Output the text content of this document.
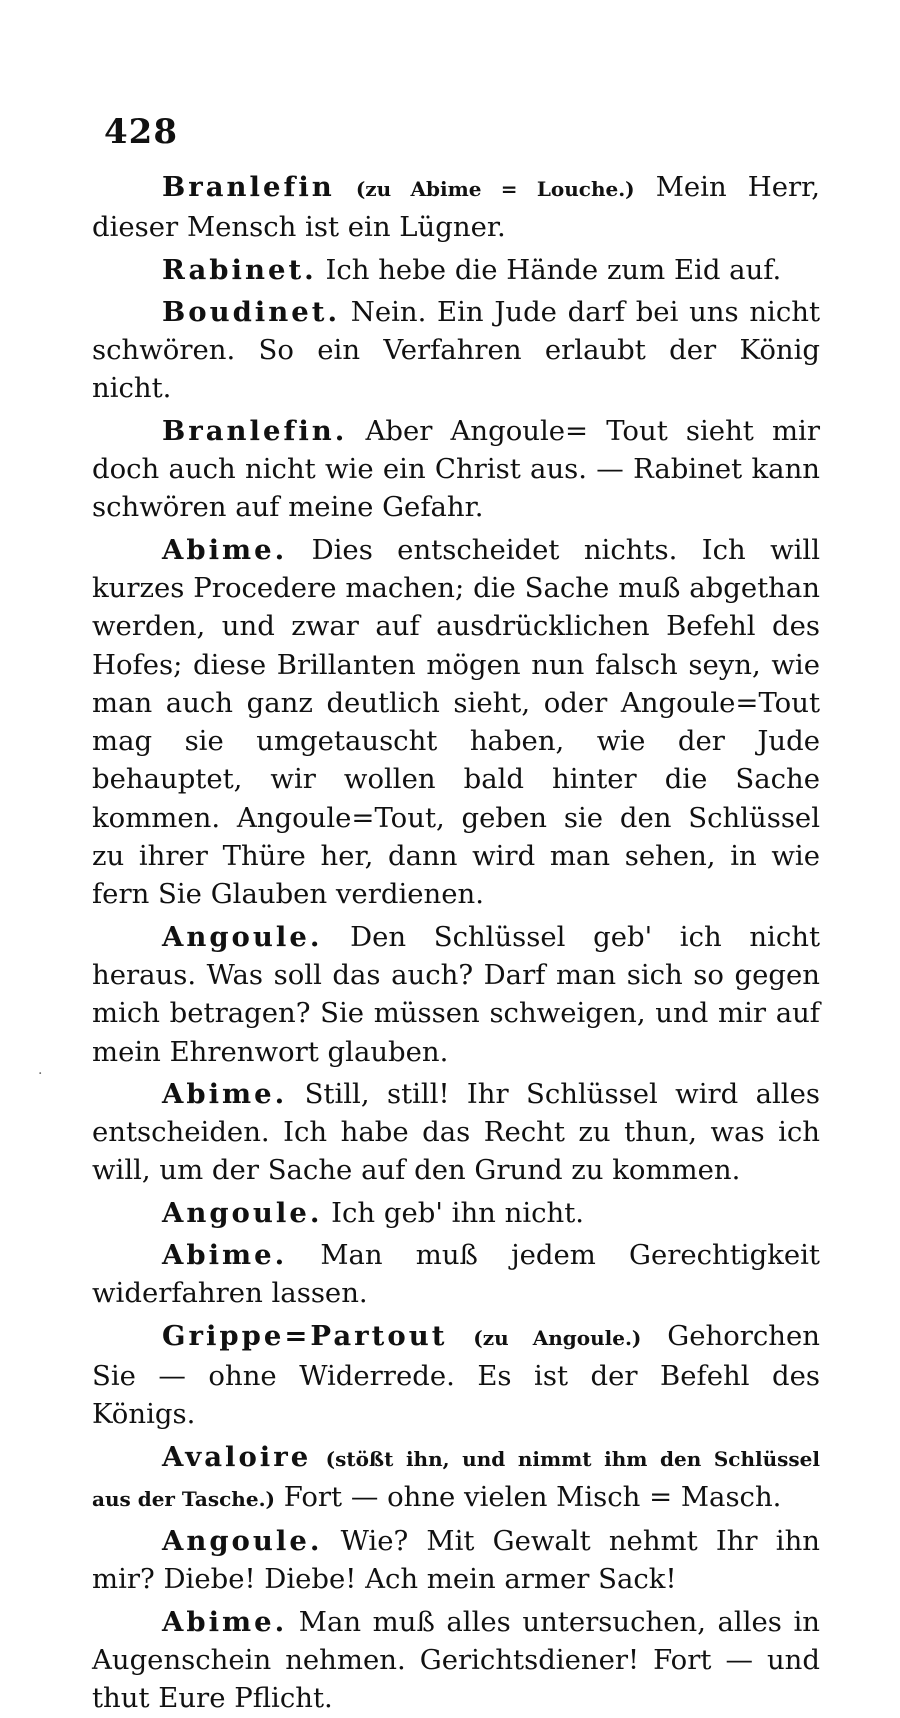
428
·

Branlefin (zu Abime = Louche.) Mein Herr, dieser Mensch ist ein Lügner.

Rabinet. Ich hebe die Hände zum Eid auf.

Boudinet. Nein. Ein Jude darf bei uns nicht schwören. So ein Verfahren erlaubt der König nicht.

Branlefin. Aber Angoule= Tout sieht mir doch auch nicht wie ein Christ aus. — Rabinet kann schwören auf meine Gefahr.

Abime. Dies entscheidet nichts. Ich will kurzes Procedere machen; die Sache muß abgethan werden, und zwar auf ausdrücklichen Befehl des Hofes; diese Brillanten mögen nun falsch seyn, wie man auch ganz deutlich sieht, oder Angoule=Tout mag sie umgetauscht haben, wie der Jude behauptet, wir wollen bald hinter die Sache kommen. Angoule=Tout, geben sie den Schlüssel zu ihrer Thüre her, dann wird man sehen, in wie fern Sie Glauben verdienen.

Angoule. Den Schlüssel geb' ich nicht heraus. Was soll das auch? Darf man sich so gegen mich betragen? Sie müssen schweigen, und mir auf mein Ehrenwort glauben.

Abime. Still, still! Ihr Schlüssel wird alles entscheiden. Ich habe das Recht zu thun, was ich will, um der Sache auf den Grund zu kommen.

Angoule. Ich geb' ihn nicht.

Abime. Man muß jedem Gerechtigkeit widerfahren lassen.

Grippe=Partout (zu Angoule.) Gehorchen Sie — ohne Widerrede. Es ist der Befehl des Königs.

Avaloire (stößt ihn, und nimmt ihm den Schlüssel aus der Tasche.) Fort — ohne vielen Misch = Masch.

Angoule. Wie? Mit Gewalt nehmt Ihr ihn mir? Diebe! Diebe! Ach mein armer Sack!

Abime. Man muß alles untersuchen, alles in Augenschein nehmen. Gerichtsdiener! Fort — und thut Eure Pflicht.
